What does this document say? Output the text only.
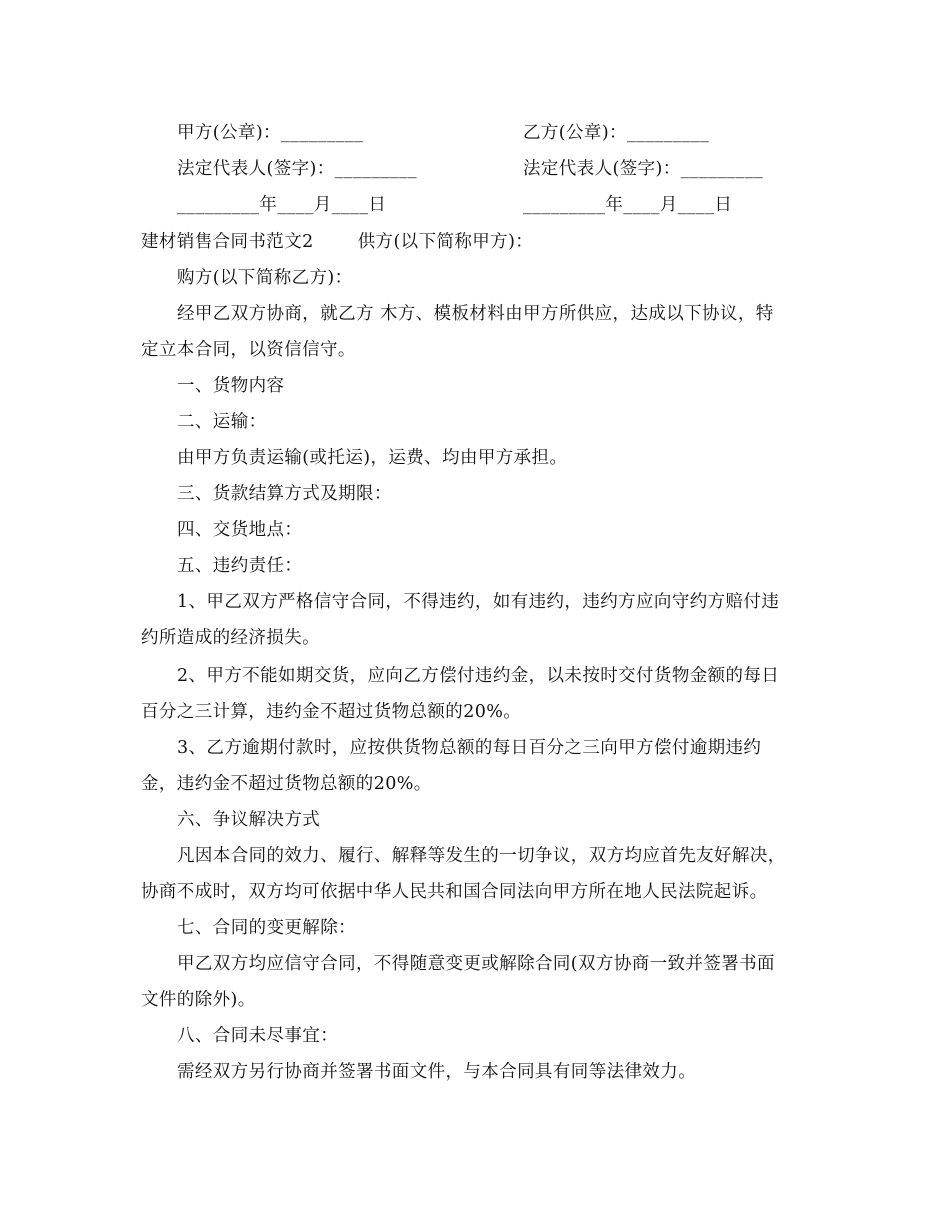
甲方(公章)：_________	乙方(公章)：_________
法定代表人(签字)：_________	法定代表人(签字)：_________
_________年____月____日	_________年____月____日
建材销售合同书范文2	供方(以下简称甲方)：
购方(以下简称乙方)：
经甲乙双方协商，就乙方 木方、模板材料由甲方所供应，达成以下协议，特
定立本合同，以资信信守。
一、货物内容
二、运输：
由甲方负责运输(或托运)，运费、均由甲方承担。
三、货款结算方式及期限：
四、交货地点：
五、违约责任：
1、甲乙双方严格信守合同，不得违约，如有违约，违约方应向守约方赔付违
约所造成的经济损失。
2、甲方不能如期交货，应向乙方偿付违约金，以未按时交付货物金额的每日
百分之三计算，违约金不超过货物总额的20%。
3、乙方逾期付款时，应按供货物总额的每日百分之三向甲方偿付逾期违约
金，违约金不超过货物总额的20%。
六、争议解决方式
凡因本合同的效力、履行、解释等发生的一切争议，双方均应首先友好解决，
协商不成时，双方均可依据中华人民共和国合同法向甲方所在地人民法院起诉。
七、合同的变更解除：
甲乙双方均应信守合同，不得随意变更或解除合同(双方协商一致并签署书面
文件的除外)。
八、合同未尽事宜：
需经双方另行协商并签署书面文件，与本合同具有同等法律效力。
